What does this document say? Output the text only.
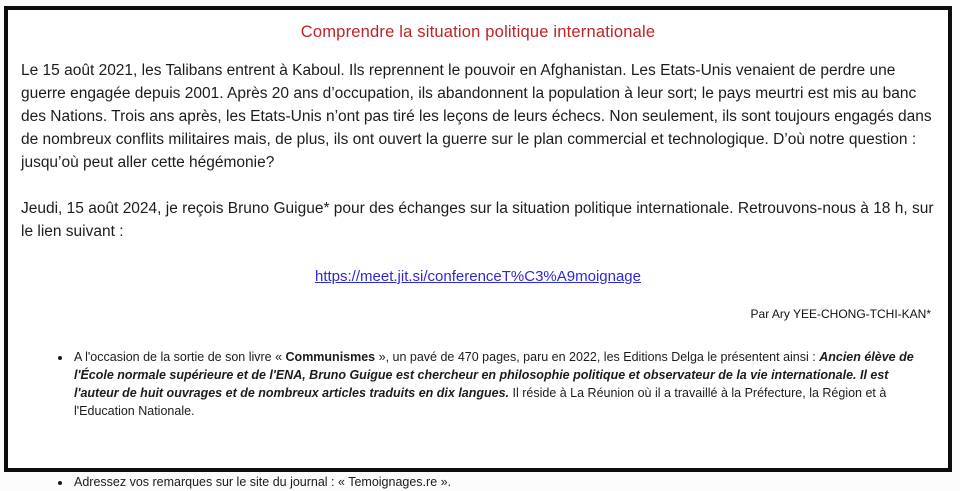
Comprendre la situation politique internationale

Le 15 août 2021, les Talibans entrent à Kaboul. Ils reprennent le pouvoir en Afghanistan. Les Etats-Unis venaient de perdre une guerre engagée depuis 2001. Après 20 ans d’occupation, ils abandonnent la population à leur sort; le pays meurtri est mis au banc des Nations. Trois ans après, les Etats-Unis n’ont pas tiré les leçons de leurs échecs. Non seulement, ils sont toujours engagés dans de nombreux conflits militaires mais, de plus, ils ont ouvert la guerre sur le plan commercial et technologique. D’où notre question : jusqu’où peut aller cette hégémonie?

Jeudi, 15 août 2024, je reçois Bruno Guigue* pour des échanges sur la situation politique internationale. Retrouvons-nous à 18 h, sur le lien suivant :

https://meet.jit.si/conferenceT%C3%A9moignage
Par Ary YEE-CHONG-TCHI-KAN*
• A l'occasion de la sortie de son livre « Communismes », un pavé de 470 pages, paru en 2022, les Editions Delga le présentent ainsi : Ancien élève de l'École normale supérieure et de l'ENA, Bruno Guigue est chercheur en philosophie politique et observateur de la vie internationale. Il est l'auteur de huit ouvrages et de nombreux articles traduits en dix langues. Il réside à La Réunion où il a travaillé à la Préfecture, la Région et à l'Education Nationale.
• Adressez vos remarques sur le site du journal : « Temoignages.re ».
